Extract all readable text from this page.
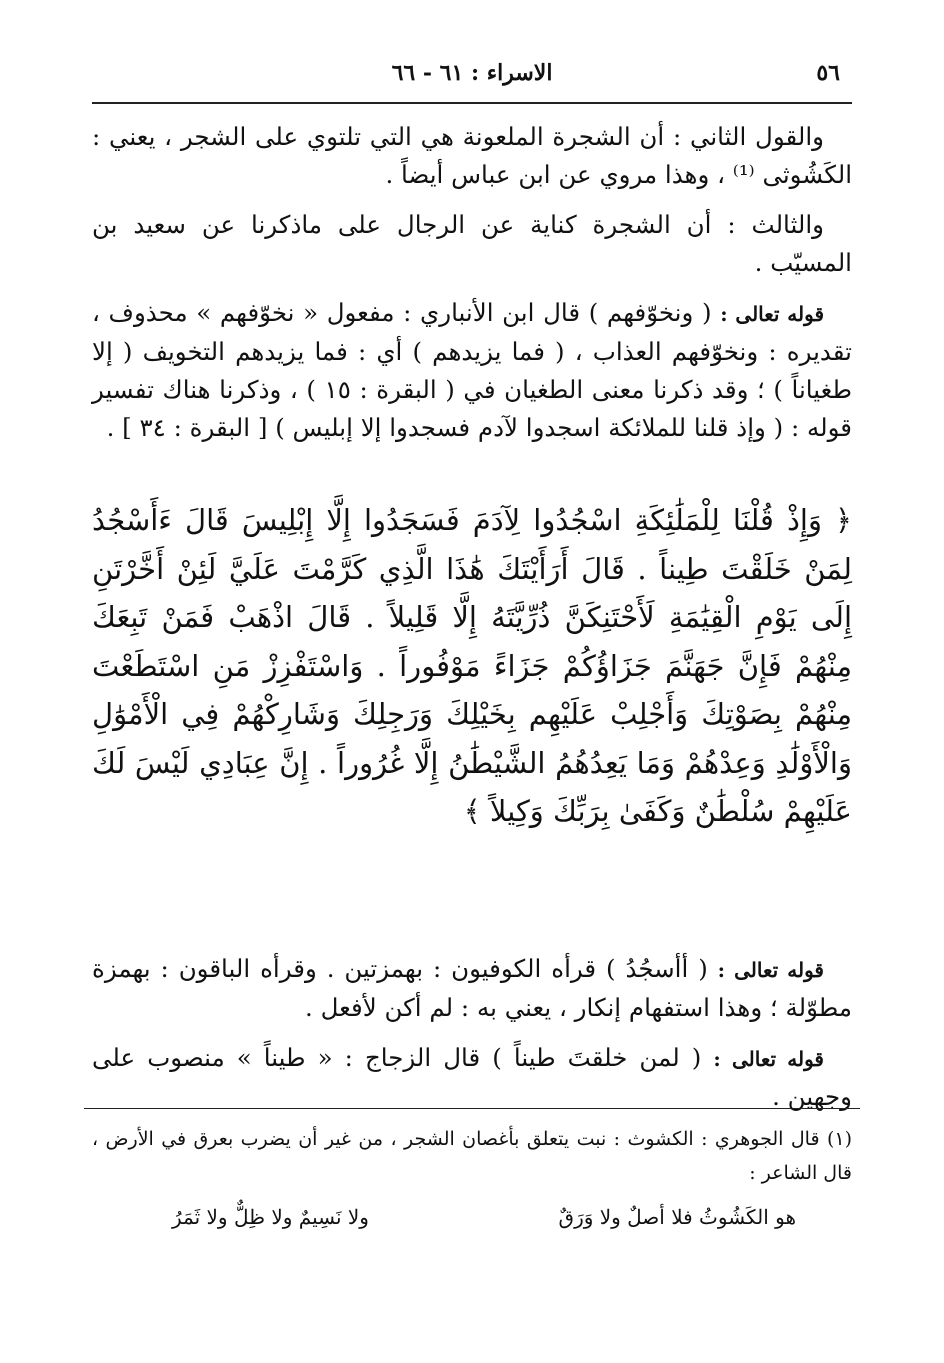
٥٦
الاسراء : ٦١ - ٦٦

والقول الثاني : أن الشجرة الملعونة هي التي تلتوي على الشجر ، يعني : الكَشُوثى ⁽¹⁾ ، وهذا مروي عن ابن عباس أيضاً .

والثالث : أن الشجرة كناية عن الرجال على ماذكرنا عن سعيد بن المسيّب .

قوله تعالى : ( ونخوّفهم ) قال ابن الأنباري : مفعول « نخوّفهم » محذوف ، تقديره : ونخوّفهم العذاب ، ( فما يزيدهم ) أي : فما يزيدهم التخويف ( إلا طغياناً ) ؛ وقد ذكرنا معنى الطغيان في ( البقرة : ١٥ ) ، وذكرنا هناك تفسير قوله : ( وإذ قلنا للملائكة اسجدوا لآدم فسجدوا إلا إبليس ) [ البقرة : ٣٤ ] .

﴿ وَإِذْ قُلْنَا لِلْمَلَٰئِكَةِ اسْجُدُوا لِآدَمَ فَسَجَدُوا إِلَّا إِبْلِيسَ قَالَ ءَأَسْجُدُ لِمَنْ خَلَقْتَ طِيناً . قَالَ أَرَأَيْتَكَ هَٰذَا الَّذِي كَرَّمْتَ عَلَيَّ لَئِنْ أَخَّرْتَنِ إِلَى يَوْمِ الْقِيَٰمَةِ لَأَحْتَنِكَنَّ ذُرِّيَّتَهُ إِلَّا قَلِيلاً . قَالَ اذْهَبْ فَمَنْ تَبِعَكَ مِنْهُمْ فَإِنَّ جَهَنَّمَ جَزَاؤُكُمْ جَزَاءً مَوْفُوراً . وَاسْتَفْزِزْ مَنِ اسْتَطَعْتَ مِنْهُمْ بِصَوْتِكَ وَأَجْلِبْ عَلَيْهِم بِخَيْلِكَ وَرَجِلِكَ وَشَارِكْهُمْ فِي الْأَمْوَٰلِ وَالْأَوْلَٰدِ وَعِدْهُمْ وَمَا يَعِدُهُمُ الشَّيْطَٰنُ إِلَّا غُرُوراً . إِنَّ عِبَادِي لَيْسَ لَكَ عَلَيْهِمْ سُلْطَٰنٌ وَكَفَىٰ بِرَبِّكَ وَكِيلاً ﴾

قوله تعالى : ( أأسجُدُ ) قرأه الكوفيون : بهمزتين . وقرأه الباقون : بهمزة مطوّلة ؛ وهذا استفهام إنكار ، يعني به : لم أكن لأفعل .

قوله تعالى : ( لمن خلقتَ طيناً ) قال الزجاج : « طيناً » منصوب على وجهين .

(١) قال الجوهري : الكشوث : نبت يتعلق بأغصان الشجر ، من غير أن يضرب بعرق في الأرض ، قال الشاعر :

هو الكَشُوثُ فلا أصلٌ ولا وَرَقٌ
ولا نَسِيمٌ ولا ظِلٌّ ولا ثَمَرُ
